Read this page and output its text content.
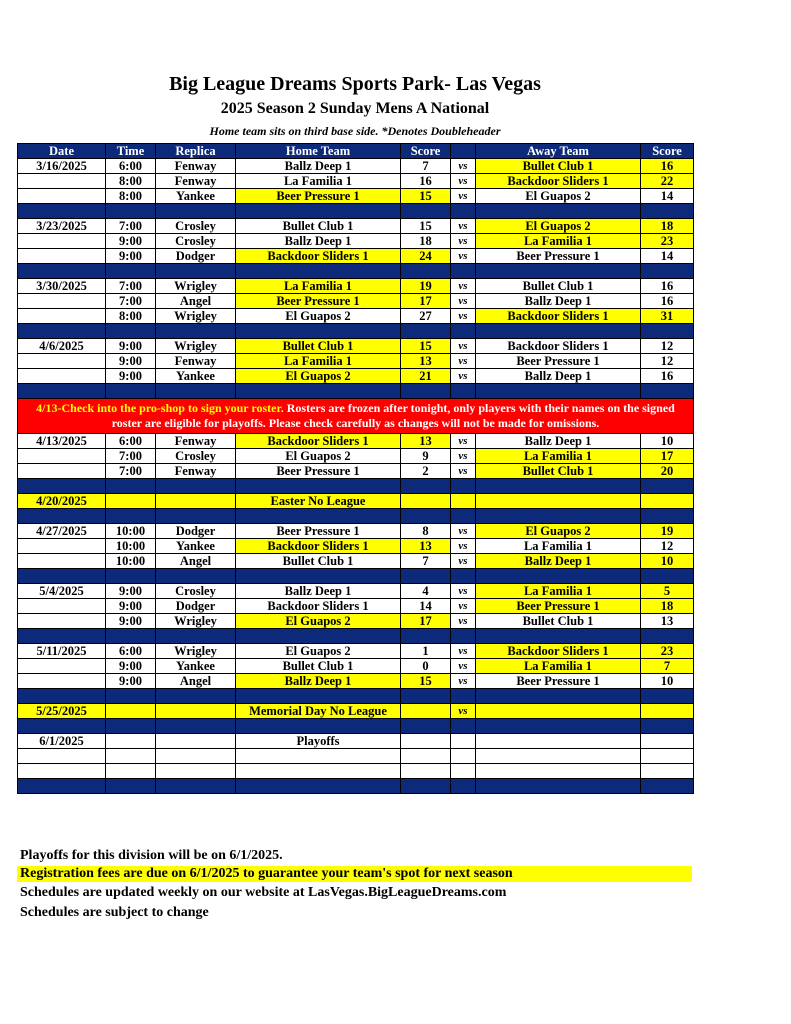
Big League Dreams Sports Park- Las Vegas
2025 Season 2 Sunday Mens A National
Home team sits on third base side. *Denotes Doubleheader
Date	Time	Replica	Home Team	Score		Away Team	Score
3/16/2025	6:00	Fenway	Ballz Deep 1	7	vs	Bullet Club 1	16
	8:00	Fenway	La Familia 1	16	vs	Backdoor Sliders 1	22
	8:00	Yankee	Beer Pressure 1	15	vs	El Guapos 2	14

3/23/2025	7:00	Crosley	Bullet Club 1	15	vs	El Guapos 2	18
	9:00	Crosley	Ballz Deep 1	18	vs	La Familia 1	23
	9:00	Dodger	Backdoor Sliders 1	24	vs	Beer Pressure 1	14

3/30/2025	7:00	Wrigley	La Familia 1	19	vs	Bullet Club 1	16
	7:00	Angel	Beer Pressure 1	17	vs	Ballz Deep 1	16
	8:00	Wrigley	El Guapos 2	27	vs	Backdoor Sliders 1	31

4/6/2025	9:00	Wrigley	Bullet Club 1	15	vs	Backdoor Sliders 1	12
	9:00	Fenway	La Familia 1	13	vs	Beer Pressure 1	12
	9:00	Yankee	El Guapos 2	21	vs	Ballz Deep 1	16

4/13-Check into the pro-shop to sign your roster. Rosters are frozen after tonight, only players with their names on the signed roster are eligible for playoffs. Please check carefully as changes will not be made for omissions.							
4/13/2025	6:00	Fenway	Backdoor Sliders 1	13	vs	Ballz Deep 1	10
	7:00	Crosley	El Guapos 2	9	vs	La Familia 1	17
	7:00	Fenway	Beer Pressure 1	2	vs	Bullet Club 1	20

4/20/2025			Easter No League				

4/27/2025	10:00	Dodger	Beer Pressure 1	8	vs	El Guapos 2	19
	10:00	Yankee	Backdoor Sliders 1	13	vs	La Familia 1	12
	10:00	Angel	Bullet Club 1	7	vs	Ballz Deep 1	10

5/4/2025	9:00	Crosley	Ballz Deep 1	4	vs	La Familia 1	5
	9:00	Dodger	Backdoor Sliders 1	14	vs	Beer Pressure 1	18
	9:00	Wrigley	El Guapos 2	17	vs	Bullet Club 1	13

5/11/2025	6:00	Wrigley	El Guapos 2	1	vs	Backdoor Sliders 1	23
	9:00	Yankee	Bullet Club 1	0	vs	La Familia 1	7
	9:00	Angel	Ballz Deep 1	15	vs	Beer Pressure 1	10

5/25/2025			Memorial Day No League		vs		

6/1/2025			Playoffs				

Playoffs for this division will be on 6/1/2025.
Registration fees are due on 6/1/2025 to guarantee your team's spot for next season
Schedules are updated weekly on our website at LasVegas.BigLeagueDreams.com
Schedules are subject to change
